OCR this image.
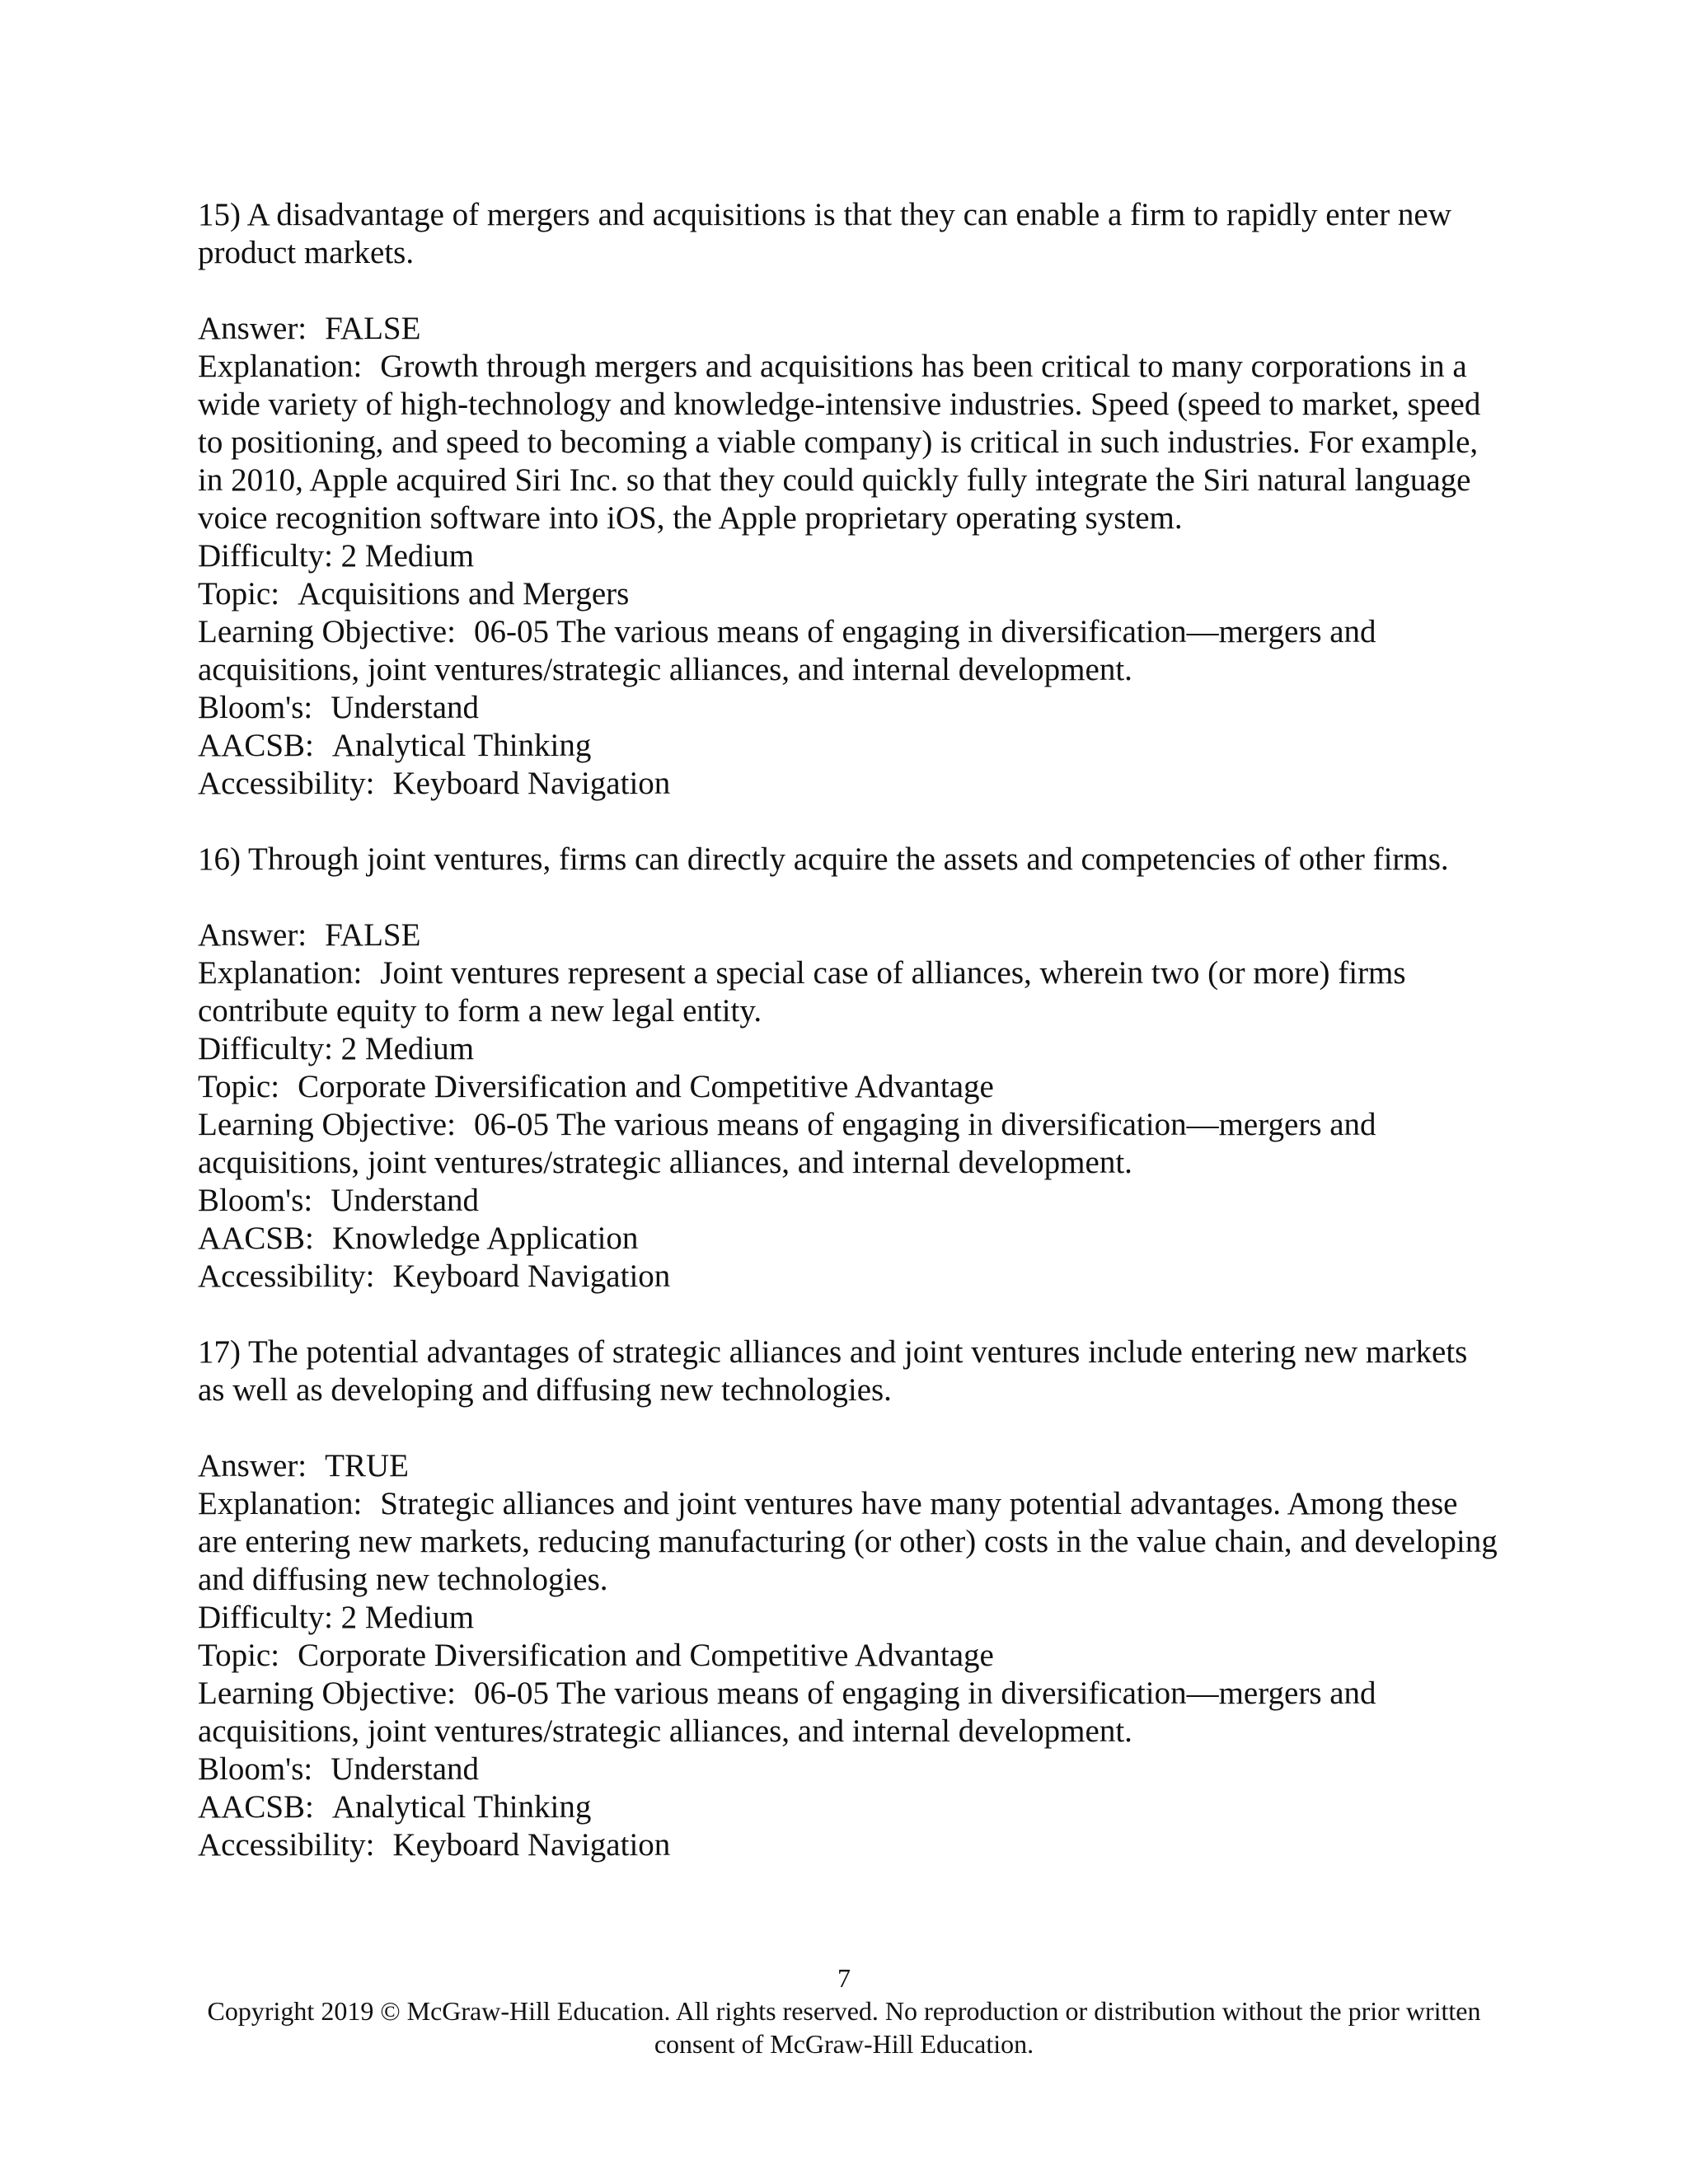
15) A disadvantage of mergers and acquisitions is that they can enable a firm to rapidly enter new product markets.

Answer: FALSE

Explanation: Growth through mergers and acquisitions has been critical to many corporations in a wide variety of high-technology and knowledge-intensive industries. Speed (speed to market, speed to positioning, and speed to becoming a viable company) is critical in such industries. For example, in 2010, Apple acquired Siri Inc. so that they could quickly fully integrate the Siri natural language voice recognition software into iOS, the Apple proprietary operating system.

Difficulty: 2 Medium

Topic: Acquisitions and Mergers

Learning Objective: 06-05 The various means of engaging in diversification—mergers and acquisitions, joint ventures/strategic alliances, and internal development.

Bloom's: Understand

AACSB: Analytical Thinking

Accessibility: Keyboard Navigation

16) Through joint ventures, firms can directly acquire the assets and competencies of other firms.

Answer: FALSE

Explanation: Joint ventures represent a special case of alliances, wherein two (or more) firms contribute equity to form a new legal entity.

Difficulty: 2 Medium

Topic: Corporate Diversification and Competitive Advantage

Learning Objective: 06-05 The various means of engaging in diversification—mergers and acquisitions, joint ventures/strategic alliances, and internal development.

Bloom's: Understand

AACSB: Knowledge Application

Accessibility: Keyboard Navigation

17) The potential advantages of strategic alliances and joint ventures include entering new markets as well as developing and diffusing new technologies.

Answer: TRUE

Explanation: Strategic alliances and joint ventures have many potential advantages. Among these are entering new markets, reducing manufacturing (or other) costs in the value chain, and developing and diffusing new technologies.

Difficulty: 2 Medium

Topic: Corporate Diversification and Competitive Advantage

Learning Objective: 06-05 The various means of engaging in diversification—mergers and acquisitions, joint ventures/strategic alliances, and internal development.

Bloom's: Understand

AACSB: Analytical Thinking

Accessibility: Keyboard Navigation

7

Copyright 2019 © McGraw-Hill Education. All rights reserved. No reproduction or distribution without the prior written consent of McGraw-Hill Education.
